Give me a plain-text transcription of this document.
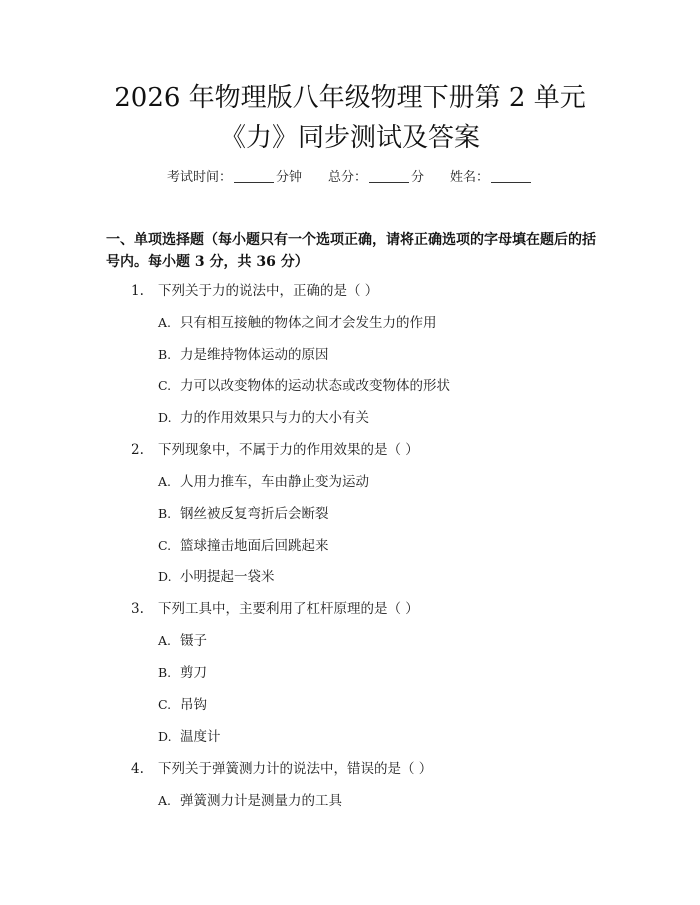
2026 年物理版八年级物理下册第 2 单元
《力》同步测试及答案
考试时间：	分钟 总分：	分 姓名：
一、单项选择题（每小题只有一个选项正确，请将正确选项的字母填在题后的括号内。每小题 3 分，共 36 分）
1. 下列关于力的说法中，正确的是（ ）
A. 只有相互接触的物体之间才会发生力的作用
B. 力是维持物体运动的原因
C. 力可以改变物体的运动状态或改变物体的形状
D. 力的作用效果只与力的大小有关
2. 下列现象中，不属于力的作用效果的是（ ）
A. 人用力推车，车由静止变为运动
B. 钢丝被反复弯折后会断裂
C. 篮球撞击地面后回跳起来
D. 小明提起一袋米
3. 下列工具中，主要利用了杠杆原理的是（ ）
A. 镊子
B. 剪刀
C. 吊钩
D. 温度计
4. 下列关于弹簧测力计的说法中，错误的是（ ）
A. 弹簧测力计是测量力的工具
